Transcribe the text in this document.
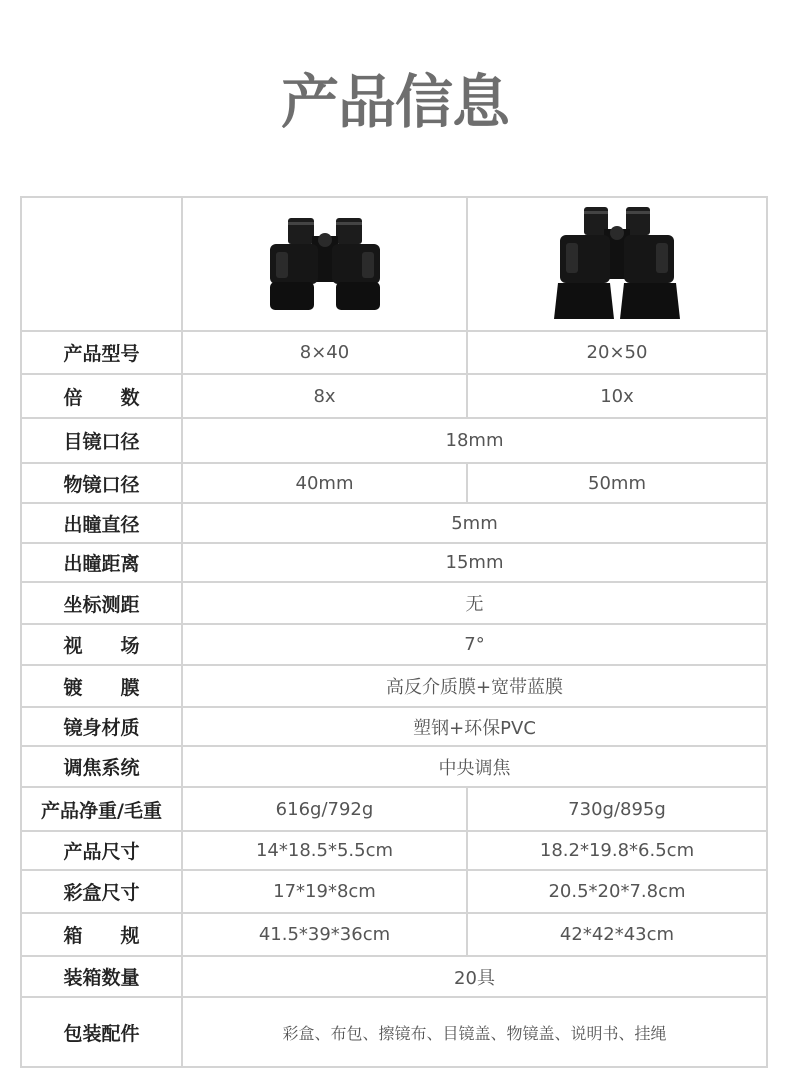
产品信息

产品型号	8×40	20×50
倍　　数	8x	10x
目镜口径	18mm	
物镜口径	40mm	50mm
出瞳直径	5mm	
出瞳距离	15mm	
坐标测距	无	
视　　场	7°	
镀　　膜	高反介质膜+宽带蓝膜	
镜身材质	塑钢+环保PVC	
调焦系统	中央调焦	
产品净重/毛重	616g/792g	730g/895g
产品尺寸	14*18.5*5.5cm	18.2*19.8*6.5cm
彩盒尺寸	17*19*8cm	20.5*20*7.8cm
箱　　规	41.5*39*36cm	42*42*43cm
装箱数量	20具	
包装配件	彩盒、布包、擦镜布、目镜盖、物镜盖、说明书、挂绳	
